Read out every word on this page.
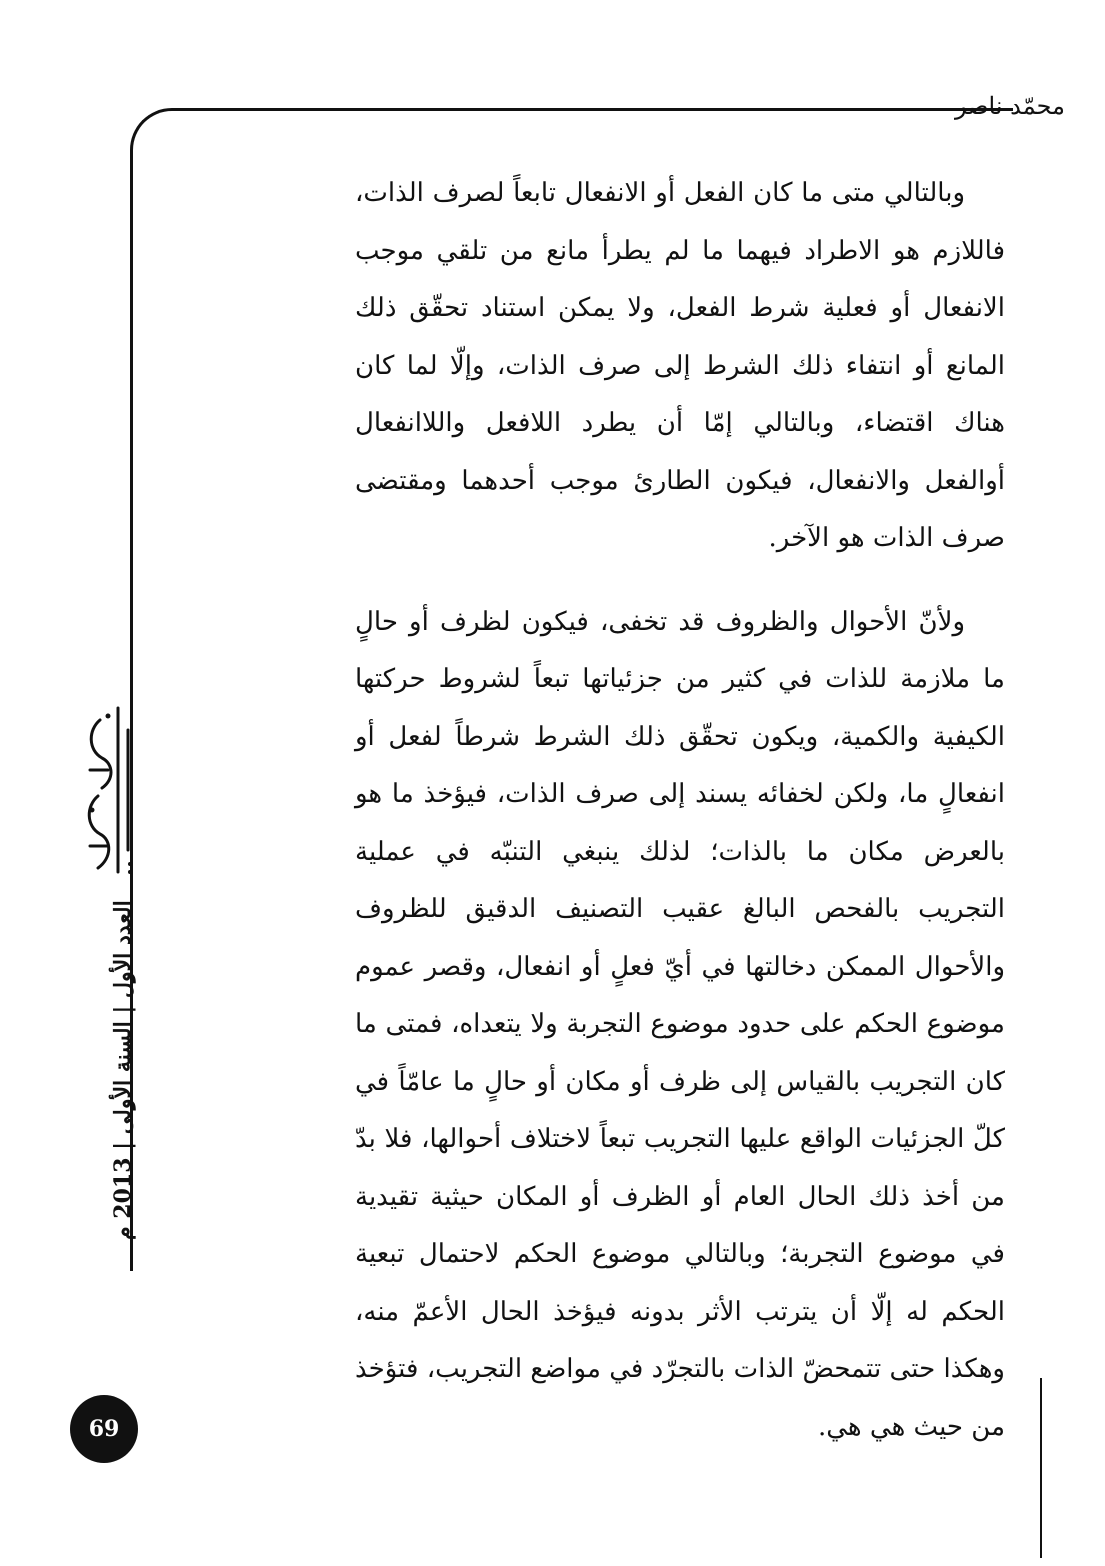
محمّد ناصر

وبالتالي متى ما كان الفعل أو الانفعال تابعاً لصرف الذات، فاللازم هو الاطراد فيهما ما لم يطرأ مانع من تلقي موجب الانفعال أو فعلية شرط الفعل، ولا يمكن استناد تحقّق ذلك المانع أو انتفاء ذلك الشرط إلى صرف الذات، وإلّا لما كان هناك اقتضاء، وبالتالي إمّا أن يطرد اللافعل واللاانفعال أوالفعل والانفعال، فيكون الطارئ موجب أحدهما ومقتضى صرف الذات هو الآخر.

ولأنّ الأحوال والظروف قد تخفى، فيكون لظرف أو حالٍ ما ملازمة للذات في كثير من جزئياتها تبعاً لشروط حركتها الكيفية والكمية، ويكون تحقّق ذلك الشرط شرطاً لفعل أو انفعالٍ ما، ولكن لخفائه يسند إلى صرف الذات، فيؤخذ ما هو بالعرض مكان ما بالذات؛ لذلك ينبغي التنبّه في عملية التجريب بالفحص البالغ عقيب التصنيف الدقيق للظروف والأحوال الممكن دخالتها في أيّ فعلٍ أو انفعال، وقصر عموم موضوع الحكم على حدود موضوع التجربة ولا يتعداه، فمتى ما كان التجريب بالقياس إلى ظرف أو مكان أو حالٍ ما عامّاً في كلّ الجزئيات الواقع عليها التجريب تبعاً لاختلاف أحوالها، فلا بدّ من أخذ ذلك الحال العام أو الظرف أو المكان حيثية تقيدية في موضوع التجربة؛ وبالتالي موضوع الحكم لاحتمال تبعية الحكم له إلّا أن يترتب الأثر بدونه فيؤخذ الحال الأعمّ منه، وهكذا حتى تتمحضّ الذات بالتجرّد في مواضع التجريب، فتؤخذ من حيث هي هي.

العدد الأول | السنة الأولى | 2013 م
69
